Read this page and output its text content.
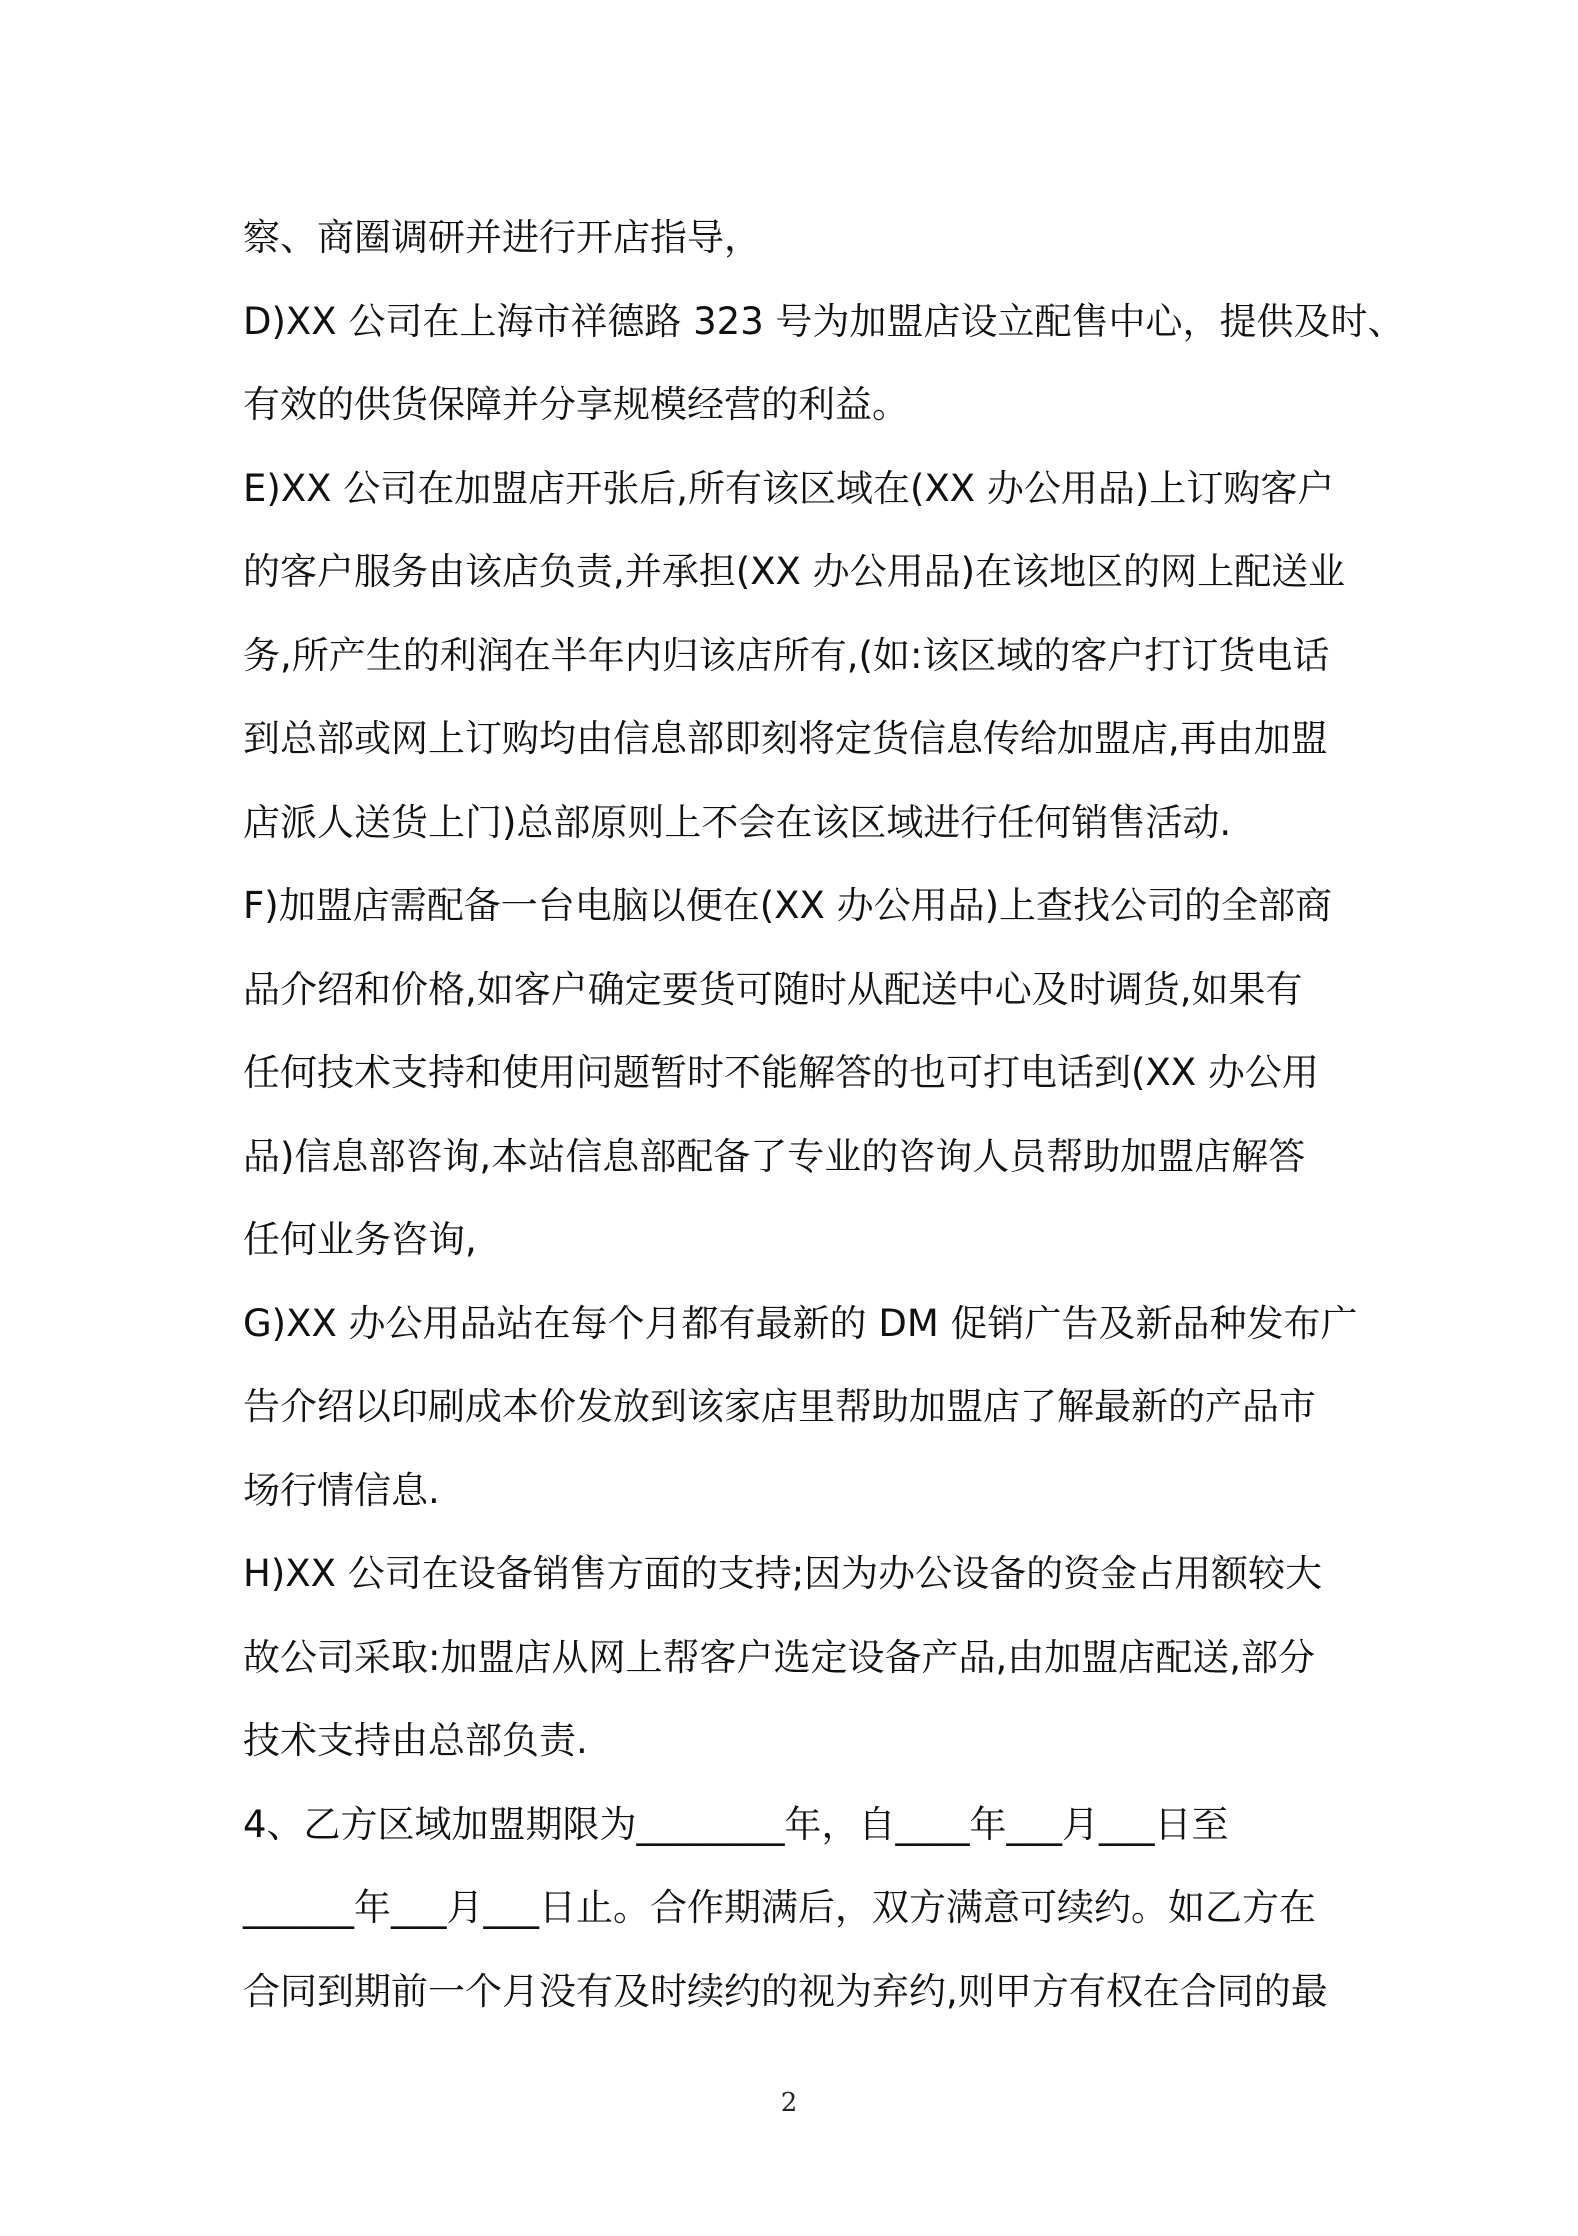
察、商圈调研并进行开店指导，
D)XX 公司在上海市祥德路 323 号为加盟店设立配售中心，提供及时、
有效的供货保障并分享规模经营的利益。
E)XX 公司在加盟店开张后,所有该区域在(XX 办公用品)上订购客户
的客户服务由该店负责,并承担(XX 办公用品)在该地区的网上配送业
务,所产生的利润在半年内归该店所有,(如:该区域的客户打订货电话
到总部或网上订购均由信息部即刻将定货信息传给加盟店,再由加盟
店派人送货上门)总部原则上不会在该区域进行任何销售活动.
F)加盟店需配备一台电脑以便在(XX 办公用品)上查找公司的全部商
品介绍和价格,如客户确定要货可随时从配送中心及时调货,如果有
任何技术支持和使用问题暂时不能解答的也可打电话到(XX 办公用
品)信息部咨询,本站信息部配备了专业的咨询人员帮助加盟店解答
任何业务咨询,
G)XX 办公用品站在每个月都有最新的 DM 促销广告及新品种发布广
告介绍以印刷成本价发放到该家店里帮助加盟店了解最新的产品市
场行情信息.
H)XX 公司在设备销售方面的支持;因为办公设备的资金占用额较大
故公司采取:加盟店从网上帮客户选定设备产品,由加盟店配送,部分
技术支持由总部负责.
4、乙方区域加盟期限为________年，自____年___月___日至
______年___月___日止。合作期满后，双方满意可续约。如乙方在
合同到期前一个月没有及时续约的视为弃约,则甲方有权在合同的最
2
